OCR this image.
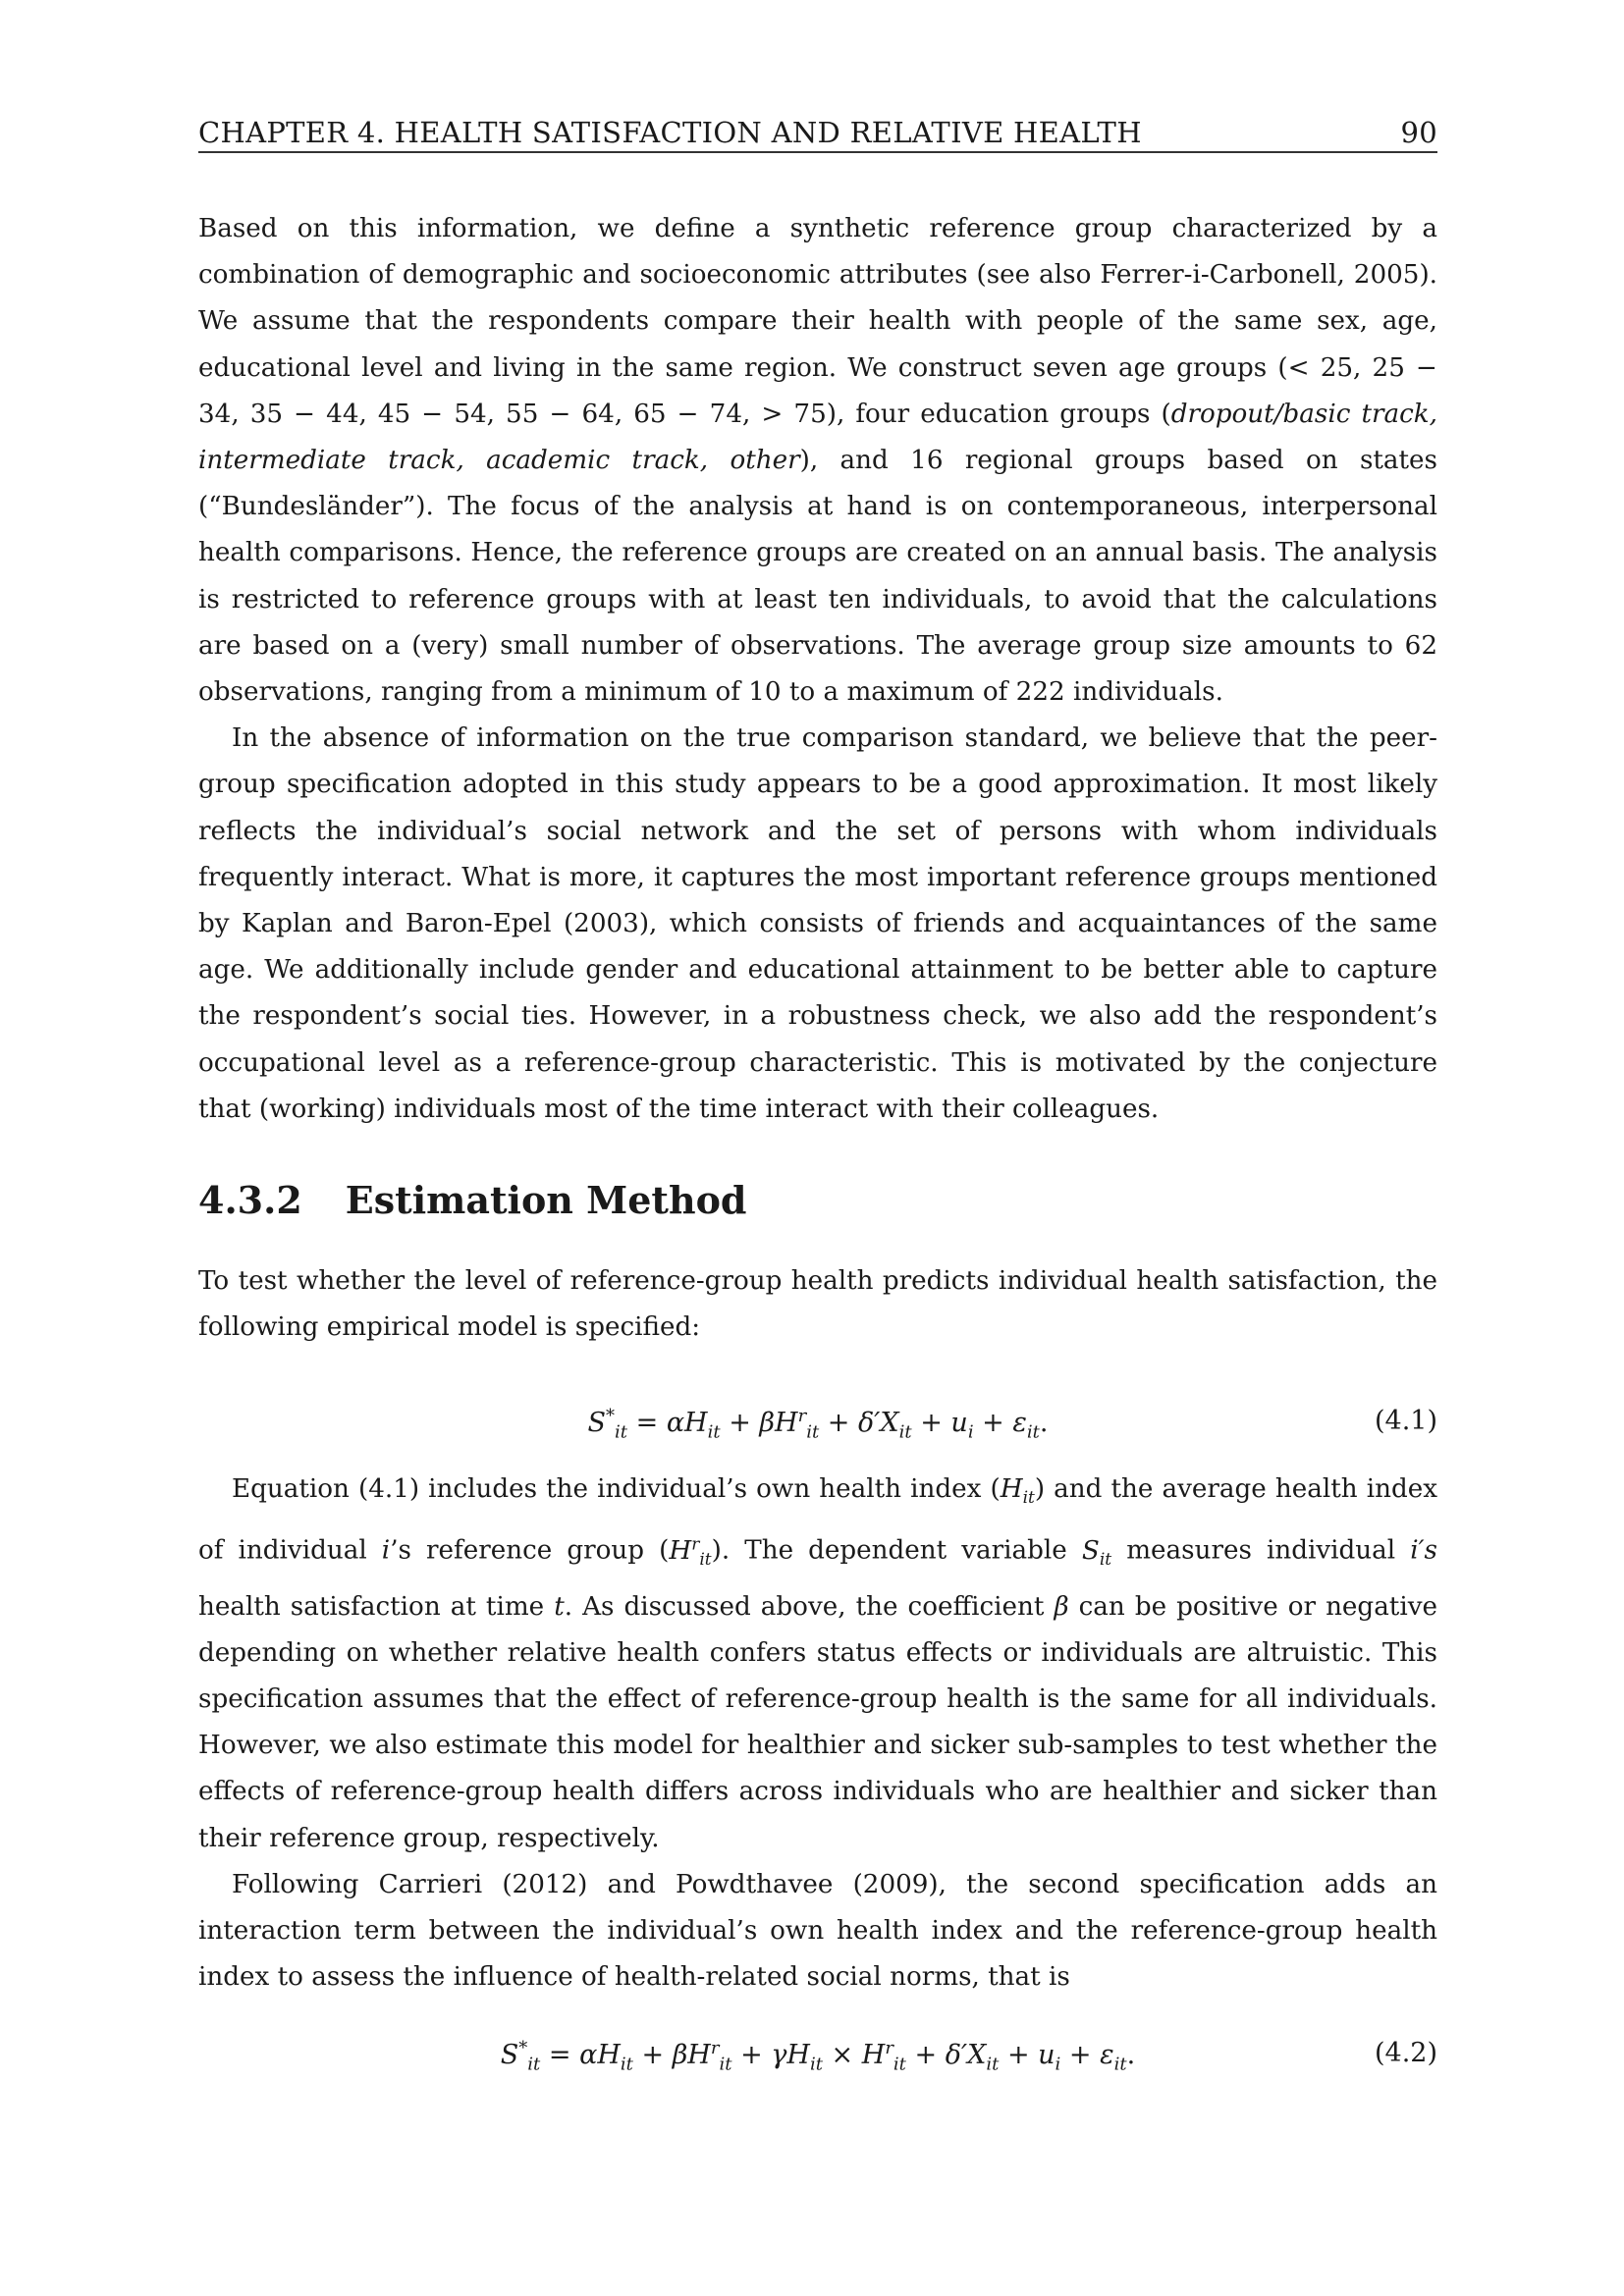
CHAPTER 4. HEALTH SATISFACTION AND RELATIVE HEALTH	90

Based on this information, we define a synthetic reference group characterized by a combination of demographic and socioeconomic attributes (see also Ferrer-i-Carbonell, 2005). We assume that the respondents compare their health with people of the same sex, age, educational level and living in the same region. We construct seven age groups (< 25, 25 − 34, 35 − 44, 45 − 54, 55 − 64, 65 − 74, > 75), four education groups (dropout/basic track, intermediate track, academic track, other), and 16 regional groups based on states (“Bundesländer”). The focus of the analysis at hand is on contemporaneous, interpersonal health comparisons. Hence, the reference groups are created on an annual basis. The analysis is restricted to reference groups with at least ten individuals, to avoid that the calculations are based on a (very) small number of observations. The average group size amounts to 62 observations, ranging from a minimum of 10 to a maximum of 222 individuals.

In the absence of information on the true comparison standard, we believe that the peer-group specification adopted in this study appears to be a good approximation. It most likely reflects the individual’s social network and the set of persons with whom individuals frequently interact. What is more, it captures the most important reference groups mentioned by Kaplan and Baron-Epel (2003), which consists of friends and acquaintances of the same age. We additionally include gender and educational attainment to be better able to capture the respondent’s social ties. However, in a robustness check, we also add the respondent’s occupational level as a reference-group characteristic. This is motivated by the conjecture that (working) individuals most of the time interact with their colleagues.

4.3.2 Estimation Method

To test whether the level of reference-group health predicts individual health satisfaction, the following empirical model is specified:

$S^*_{it} = \alpha H_{it} + \beta H^r_{it} + \delta'X_{it} + u_i + \varepsilon_{it}$.	(4.1)

Equation (4.1) includes the individual’s own health index $(H_{it})$ and the average health index of individual i’s reference group $(H^r_{it})$. The dependent variable $S_{it}$ measures individual i′s health satisfaction at time t. As discussed above, the coefficient β can be positive or negative depending on whether relative health confers status effects or individuals are altruistic. This specification assumes that the effect of reference-group health is the same for all individuals. However, we also estimate this model for healthier and sicker sub-samples to test whether the effects of reference-group health differs across individuals who are healthier and sicker than their reference group, respectively.

Following Carrieri (2012) and Powdthavee (2009), the second specification adds an interaction term between the individual’s own health index and the reference-group health index to assess the influence of health-related social norms, that is

$S^*_{it} = \alpha H_{it} + \beta H^r_{it} + \gamma H_{it} \times H^r_{it} + \delta'X_{it} + u_i + \varepsilon_{it}$.	(4.2)
